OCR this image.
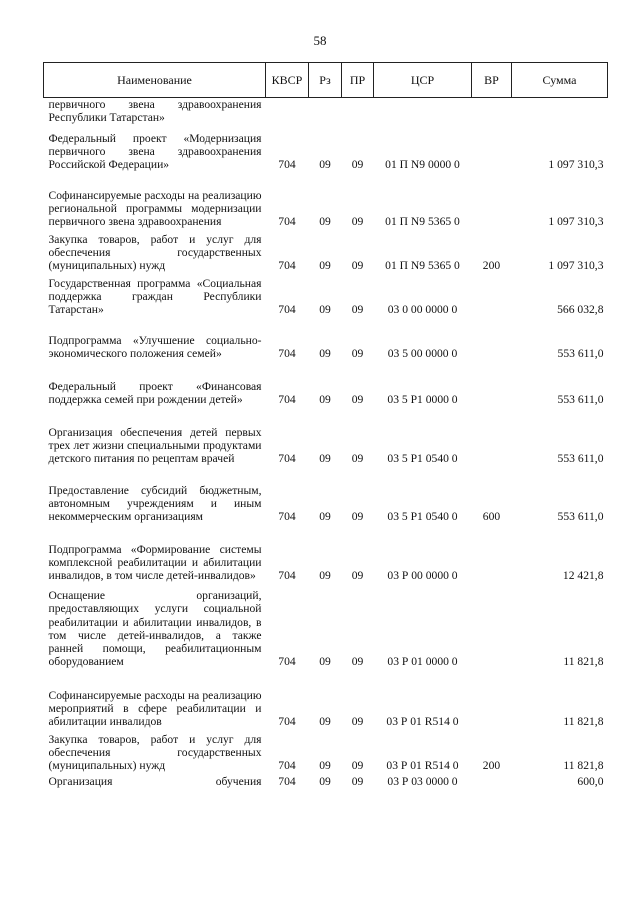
58
Наименование	КВСР	Рз	ПР	ЦСР	ВР	Сумма
первичного звена здравоохранения Республики Татарстан»						
Федеральный проект «Модернизация первичного звена здравоохранения Российской Федерации»	704	09	09	01 П N9 0000 0		1 097 310,3
Софинансируемые расходы на реализацию региональной программы модернизации первичного звена здравоохранения	704	09	09	01 П N9 5365 0		1 097 310,3
Закупка товаров, работ и услуг для обеспечения государственных (муниципальных) нужд	704	09	09	01 П N9 5365 0	200	1 097 310,3
Государственная программа «Социальная поддержка граждан Республики Татарстан»	704	09	09	03 0 00 0000 0		566 032,8
Подпрограмма «Улучшение социально-экономического положения семей»	704	09	09	03 5 00 0000 0		553 611,0
Федеральный проект «Финансовая поддержка семей при рождении детей»	704	09	09	03 5 P1 0000 0		553 611,0
Организация обеспечения детей первых трех лет жизни специальными продуктами детского питания по рецептам врачей	704	09	09	03 5 P1 0540 0		553 611,0
Предоставление субсидий бюджетным, автономным учреждениям и иным некоммерческим организациям	704	09	09	03 5 P1 0540 0	600	553 611,0
Подпрограмма «Формирование системы комплексной реабилитации и абилитации инвалидов, в том числе детей-инвалидов»	704	09	09	03 Р 00 0000 0		12 421,8
Оснащение организаций, предоставляющих услуги социальной реабилитации и абилитации инвалидов, в том числе детей-инвалидов, а также ранней помощи, реабилитационным оборудованием	704	09	09	03 Р 01 0000 0		11 821,8
Софинансируемые расходы на реализацию мероприятий в сфере реабилитации и абилитации инвалидов	704	09	09	03 Р 01 R514 0		11 821,8
Закупка товаров, работ и услуг для обеспечения государственных (муниципальных) нужд	704	09	09	03 Р 01 R514 0	200	11 821,8
Организация обучения	704	09	09	03 Р 03 0000 0		600,0
